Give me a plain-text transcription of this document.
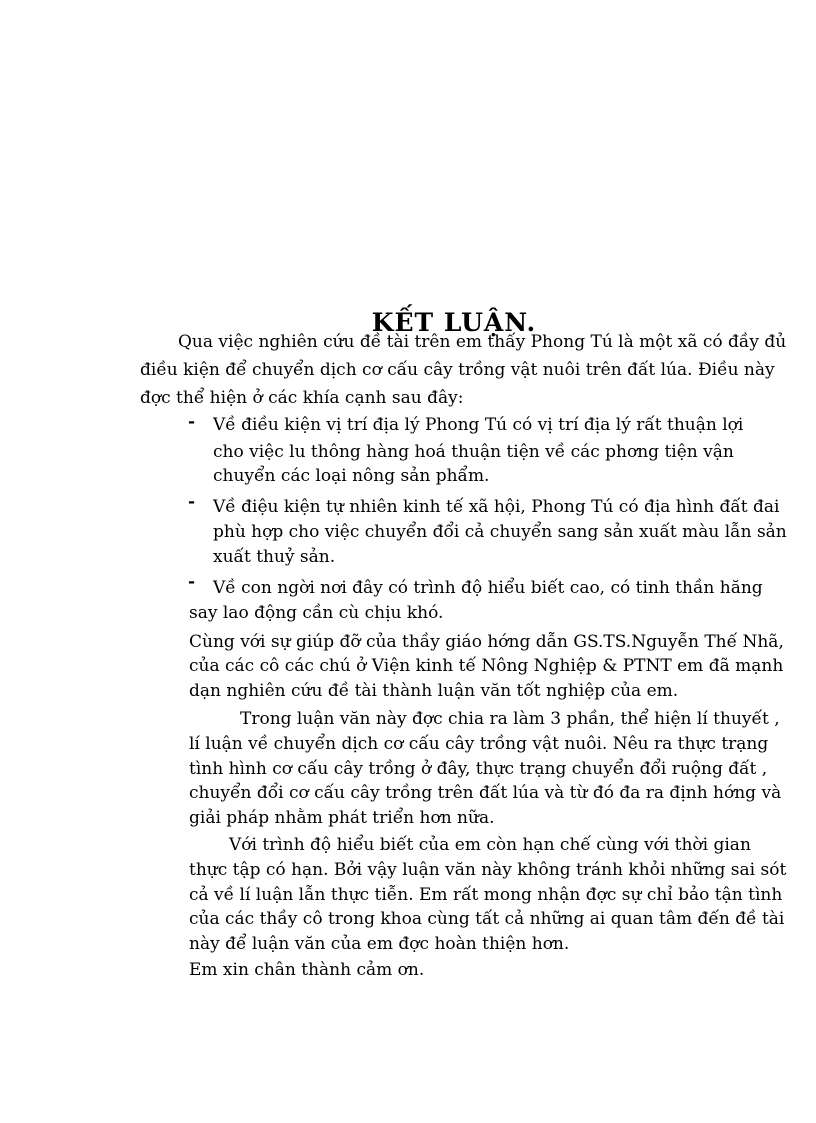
KẾT LUẬN.
Qua việc nghiên cứu đề tài trên em thấy Phong Tú là một xã có đầy đủ
điều kiện để chuyển dịch cơ cấu cây trồng vật nuôi trên đất lúa. Điều này
đợc thể hiện ở các khía cạnh sau đây:
- Về điều kiện vị trí địa lý Phong Tú có vị trí địa lý rất thuận lợi
cho việc lu thông hàng hoá thuận tiện về các phơng tiện vận
chuyển các loại nông sản phẩm.
- Về điệu kiện tự nhiên kinh tế xã hội, Phong Tú có địa hình đất đai
phù hợp cho việc chuyển đổi cả chuyển sang sản xuất màu lẫn sản
xuất thuỷ sản.
- Về con ngời nơi đây có trình độ hiểu biết cao, có tinh thần hăng
say lao động cần cù chịu khó.
Cùng với sự giúp đỡ của thầy giáo hớng dẫn GS.TS.Nguyễn Thế Nhã,
của các cô các chú ở Viện kinh tế Nông Nghiệp & PTNT em đã mạnh
dạn nghiên cứu đề tài thành luận văn tốt nghiệp của em.
Trong luận văn này đợc chia ra làm 3 phần, thể hiện lí thuyết ,
lí luận về chuyển dịch cơ cấu cây trồng vật nuôi. Nêu ra thực trạng
tình hình cơ cấu cây trồng ở đây, thực trạng chuyển đổi ruộng đất ,
chuyển đổi cơ cấu cây trồng trên đất lúa và từ đó đa ra định hớng và
giải pháp nhằm phát triển hơn nữa.
Với trình độ hiểu biết của em còn hạn chế cùng với thời gian
thực tập có hạn. Bởi vậy luận văn này không tránh khỏi những sai sót
cả về lí luận lẫn thực tiễn. Em rất mong nhận đợc sự chỉ bảo tận tình
của các thầy cô trong khoa cùng tất cả những ai quan tâm đến đề tài
này để luận văn của em đợc hoàn thiện hơn.
Em xin chân thành cảm ơn.
